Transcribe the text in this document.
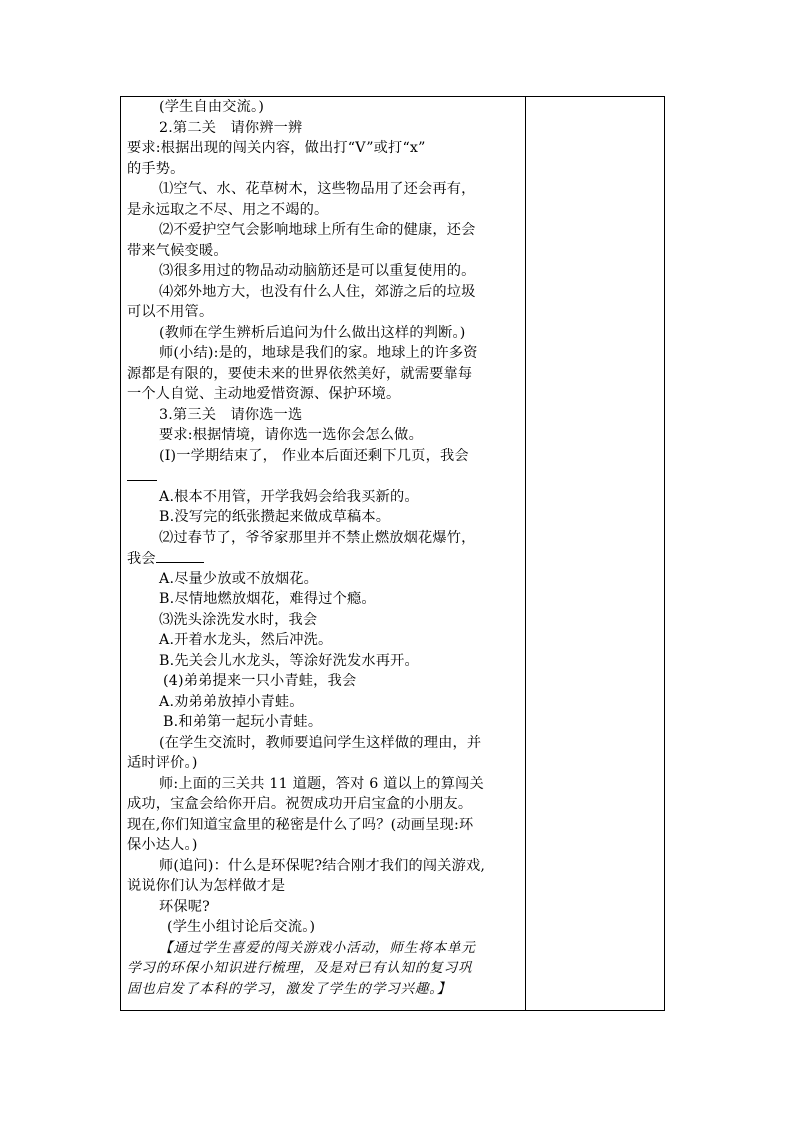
(学生自由交流。)
2.第二关　请你辨一辨
要求:根据出现的闯关内容，做出打“V”或打“x”
的手势。
⑴空气、水、花草树木，这些物品用了还会再有，
是永远取之不尽、用之不竭的。
⑵不爱护空气会影响地球上所有生命的健康，还会
带来气候变暖。
⑶很多用过的物品动动脑筋还是可以重复使用的。
⑷郊外地方大，也没有什么人住，郊游之后的垃圾
可以不用管。
(教师在学生辨析后追问为什么做出这样的判断。)
师(小结):是的，地球是我们的家。地球上的许多资
源都是有限的，要使未来的世界依然美好，就需要靠每
一个人自觉、主动地爱惜资源、保护环境。
3.第三关　请你选一选
要求:根据情境，请你选一选你会怎么做。
(I)一学期结束了， 作业本后面还剩下几页，我会
A.根本不用管，开学我妈会给我买新的。
B.没写完的纸张攒起来做成草稿本。
⑵过春节了，爷爷家那里并不禁止燃放烟花爆竹，
我会
A.尽量少放或不放烟花。
B.尽情地燃放烟花，难得过个瘾。
⑶洗头涂洗发水时，我会
A.开着水龙头，然后冲洗。
B.先关会儿水龙头，等涂好洗发水再开。
(4)弟弟提来一只小青蛙，我会
A.劝弟弟放掉小青蛙。
B.和弟第一起玩小青蛙。
(在学生交流时，教师要追问学生这样做的理由，并
适时评价。)
师:上面的三关共 11 道题，答对 6 道以上的算闯关
成功，宝盒会给你开启。祝贺成功开启宝盒的小朋友。
现在,你们知道宝盒里的秘密是什么了吗？(动画呈现:环
保小达人。)
师(追问)：什么是环保呢?结合刚才我们的闯关游戏,
说说你们认为怎样做才是
环保呢?
(学生小组讨论后交流。)
【通过学生喜爱的闯关游戏小活动，师生将本单元
学习的环保小知识进行梳理，及是对已有认知的复习巩
固也启发了本科的学习，激发了学生的学习兴趣。】
